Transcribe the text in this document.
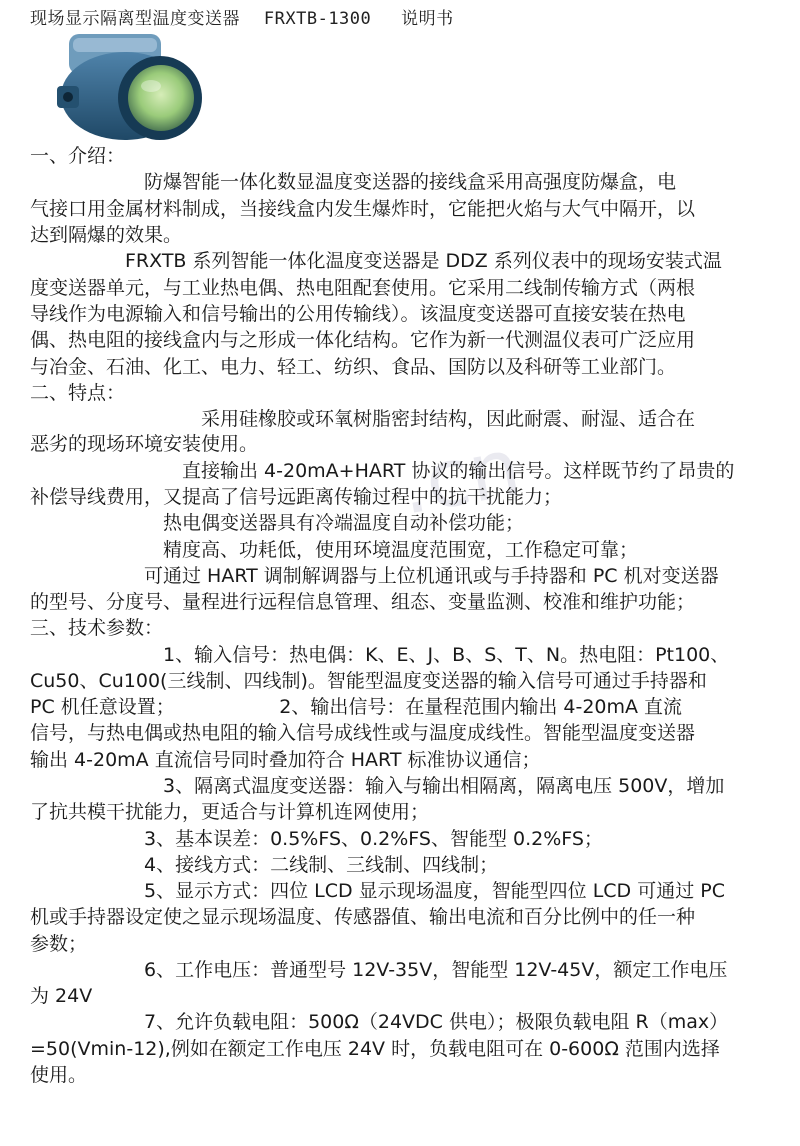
现场显示隔离型温度变送器 FRXTB-1300 说明书
.cn
一、介绍：
　　　　　　防爆智能一体化数显温度变送器的接线盒采用高强度防爆盒，电
气接口用金属材料制成，当接线盒内发生爆炸时，它能把火焰与大气中隔开，以
达到隔爆的效果。
　　　　　FRXTB 系列智能一体化温度变送器是 DDZ 系列仪表中的现场安装式温
度变送器单元，与工业热电偶、热电阻配套使用。它采用二线制传输方式（两根
导线作为电源输入和信号输出的公用传输线）。该温度变送器可直接安装在热电
偶、热电阻的接线盒内与之形成一体化结构。它作为新一代测温仪表可广泛应用
与冶金、石油、化工、电力、轻工、纺织、食品、国防以及科研等工业部门。
二、特点：
　　　　　　　　　采用硅橡胶或环氧树脂密封结构，因此耐震、耐湿、适合在
恶劣的现场环境安装使用。
　　　　　　　　直接输出 4-20mA+HART 协议的输出信号。这样既节约了昂贵的
补偿导线费用，又提高了信号远距离传输过程中的抗干扰能力；
　　　　　　　热电偶变送器具有冷端温度自动补偿功能；
　　　　　　　精度高、功耗低，使用环境温度范围宽，工作稳定可靠；
　　　　　　可通过 HART 调制解调器与上位机通讯或与手持器和 PC 机对变送器
的型号、分度号、量程进行远程信息管理、组态、变量监测、校准和维护功能；
三、技术参数：
　　　　　　　1、输入信号：热电偶：K、E、J、B、S、T、N。热电阻：Pt100、
Cu50、Cu100(三线制、四线制)。智能型温度变送器的输入信号可通过手持器和
PC 机任意设置；　　　　　　2、输出信号：在量程范围内输出 4-20mA 直流
信号，与热电偶或热电阻的输入信号成线性或与温度成线性。智能型温度变送器
输出 4-20mA 直流信号同时叠加符合 HART 标准协议通信；
　　　　　　　3、隔离式温度变送器：输入与输出相隔离，隔离电压 500V，增加
了抗共模干扰能力，更适合与计算机连网使用；
　　　　　　3、基本误差：0.5%FS、0.2%FS、智能型 0.2%FS；
　　　　　　4、接线方式：二线制、三线制、四线制；
　　　　　　5、显示方式：四位 LCD 显示现场温度，智能型四位 LCD 可通过 PC
机或手持器设定使之显示现场温度、传感器值、输出电流和百分比例中的任一种
参数；
　　　　　　6、工作电压：普通型号 12V-35V，智能型 12V-45V，额定工作电压
为 24V
　　　　　　7、允许负载电阻：500Ω（24VDC 供电）；极限负载电阻 R（max）
=50(Vmin-12),例如在额定工作电压 24V 时，负载电阻可在 0-600Ω 范围内选择
使用。
